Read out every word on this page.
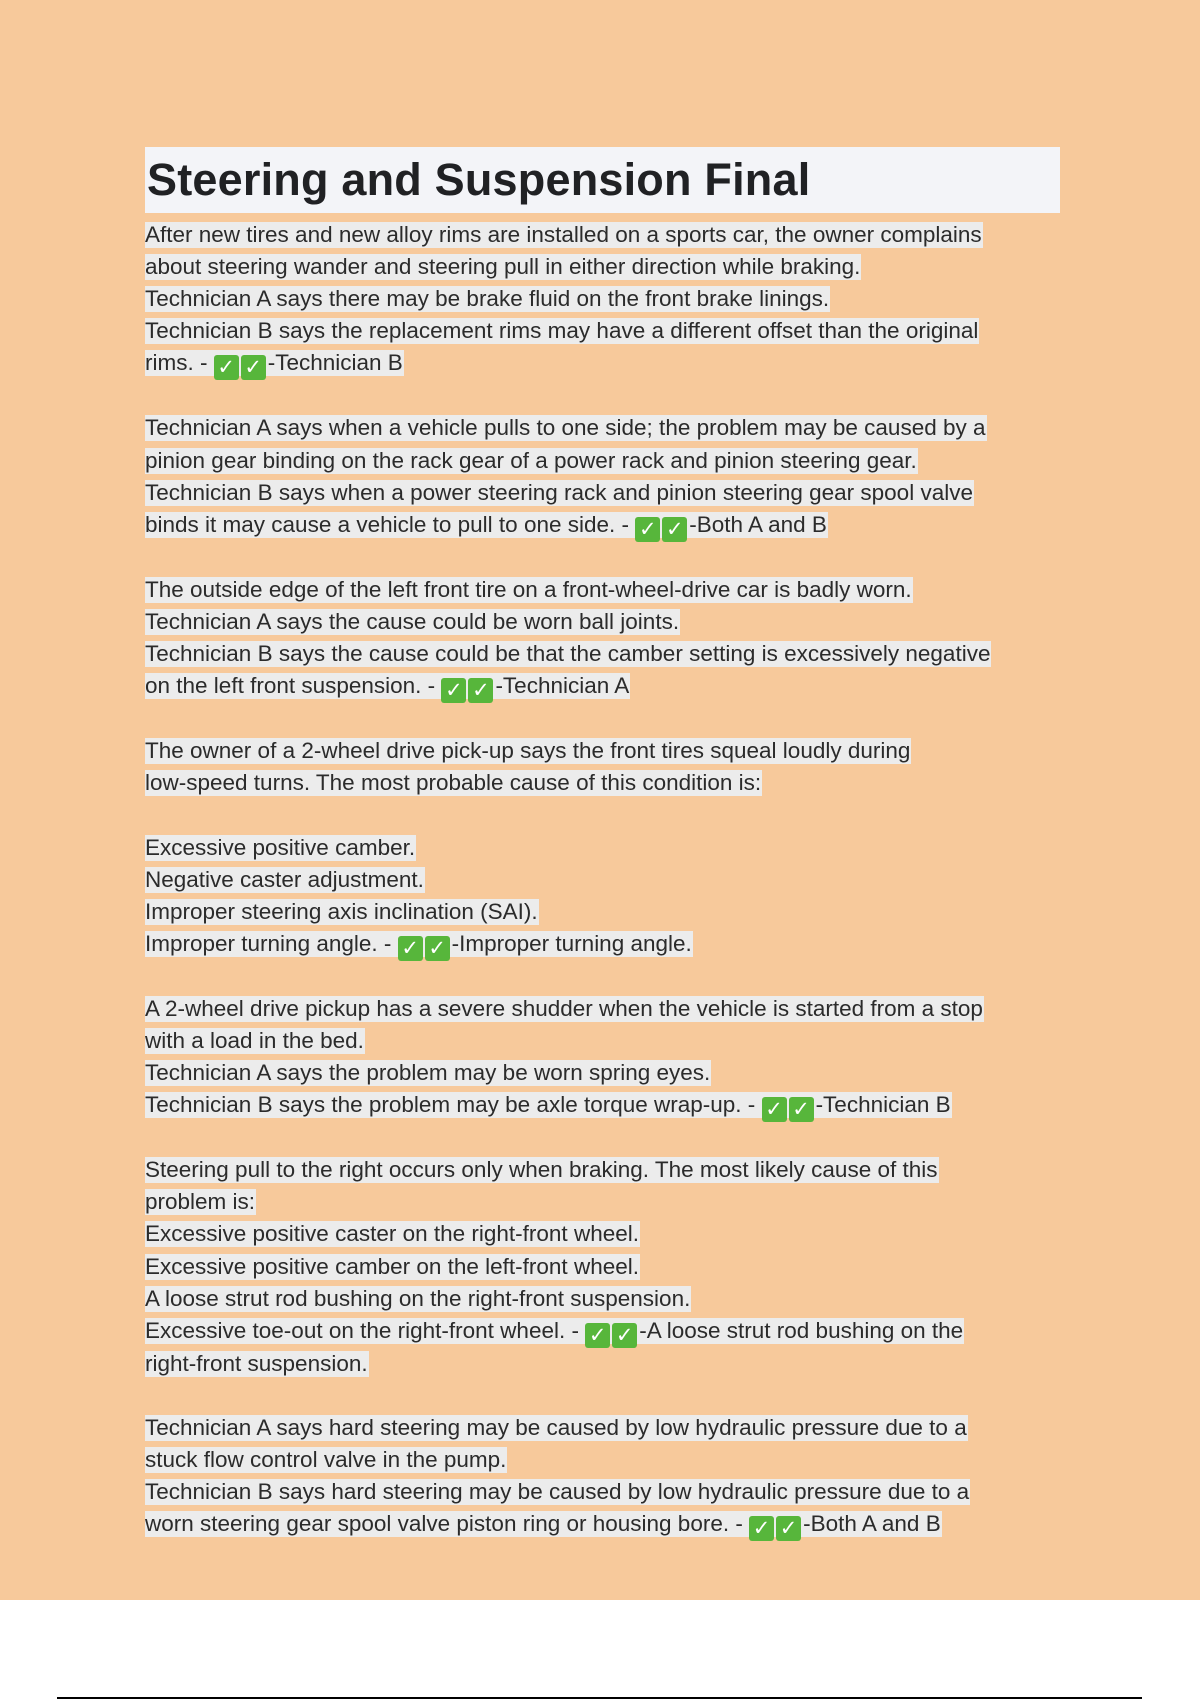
Steering and Suspension Final
After new tires and new alloy rims are installed on a sports car, the owner complains
about steering wander and steering pull in either direction while braking.
Technician A says there may be brake fluid on the front brake linings.
Technician B says the replacement rims may have a different offset than the original
rims. - ✓ ✓ -Technician B
Technician A says when a vehicle pulls to one side; the problem may be caused by a
pinion gear binding on the rack gear of a power rack and pinion steering gear.
Technician B says when a power steering rack and pinion steering gear spool valve
binds it may cause a vehicle to pull to one side. - ✓ ✓ -Both A and B
The outside edge of the left front tire on a front-wheel-drive car is badly worn.
Technician A says the cause could be worn ball joints.
Technician B says the cause could be that the camber setting is excessively negative
on the left front suspension. - ✓ ✓ -Technician A
The owner of a 2-wheel drive pick-up says the front tires squeal loudly during
low-speed turns. The most probable cause of this condition is:
Excessive positive camber.
Negative caster adjustment.
Improper steering axis inclination (SAI).
Improper turning angle. - ✓ ✓ -Improper turning angle.
A 2-wheel drive pickup has a severe shudder when the vehicle is started from a stop
with a load in the bed.
Technician A says the problem may be worn spring eyes.
Technician B says the problem may be axle torque wrap-up. - ✓ ✓ -Technician B
Steering pull to the right occurs only when braking. The most likely cause of this
problem is:
Excessive positive caster on the right-front wheel.
Excessive positive camber on the left-front wheel.
A loose strut rod bushing on the right-front suspension.
Excessive toe-out on the right-front wheel. - ✓ ✓ -A loose strut rod bushing on the
right-front suspension.
Technician A says hard steering may be caused by low hydraulic pressure due to a
stuck flow control valve in the pump.
Technician B says hard steering may be caused by low hydraulic pressure due to a
worn steering gear spool valve piston ring or housing bore. - ✓ ✓ -Both A and B
